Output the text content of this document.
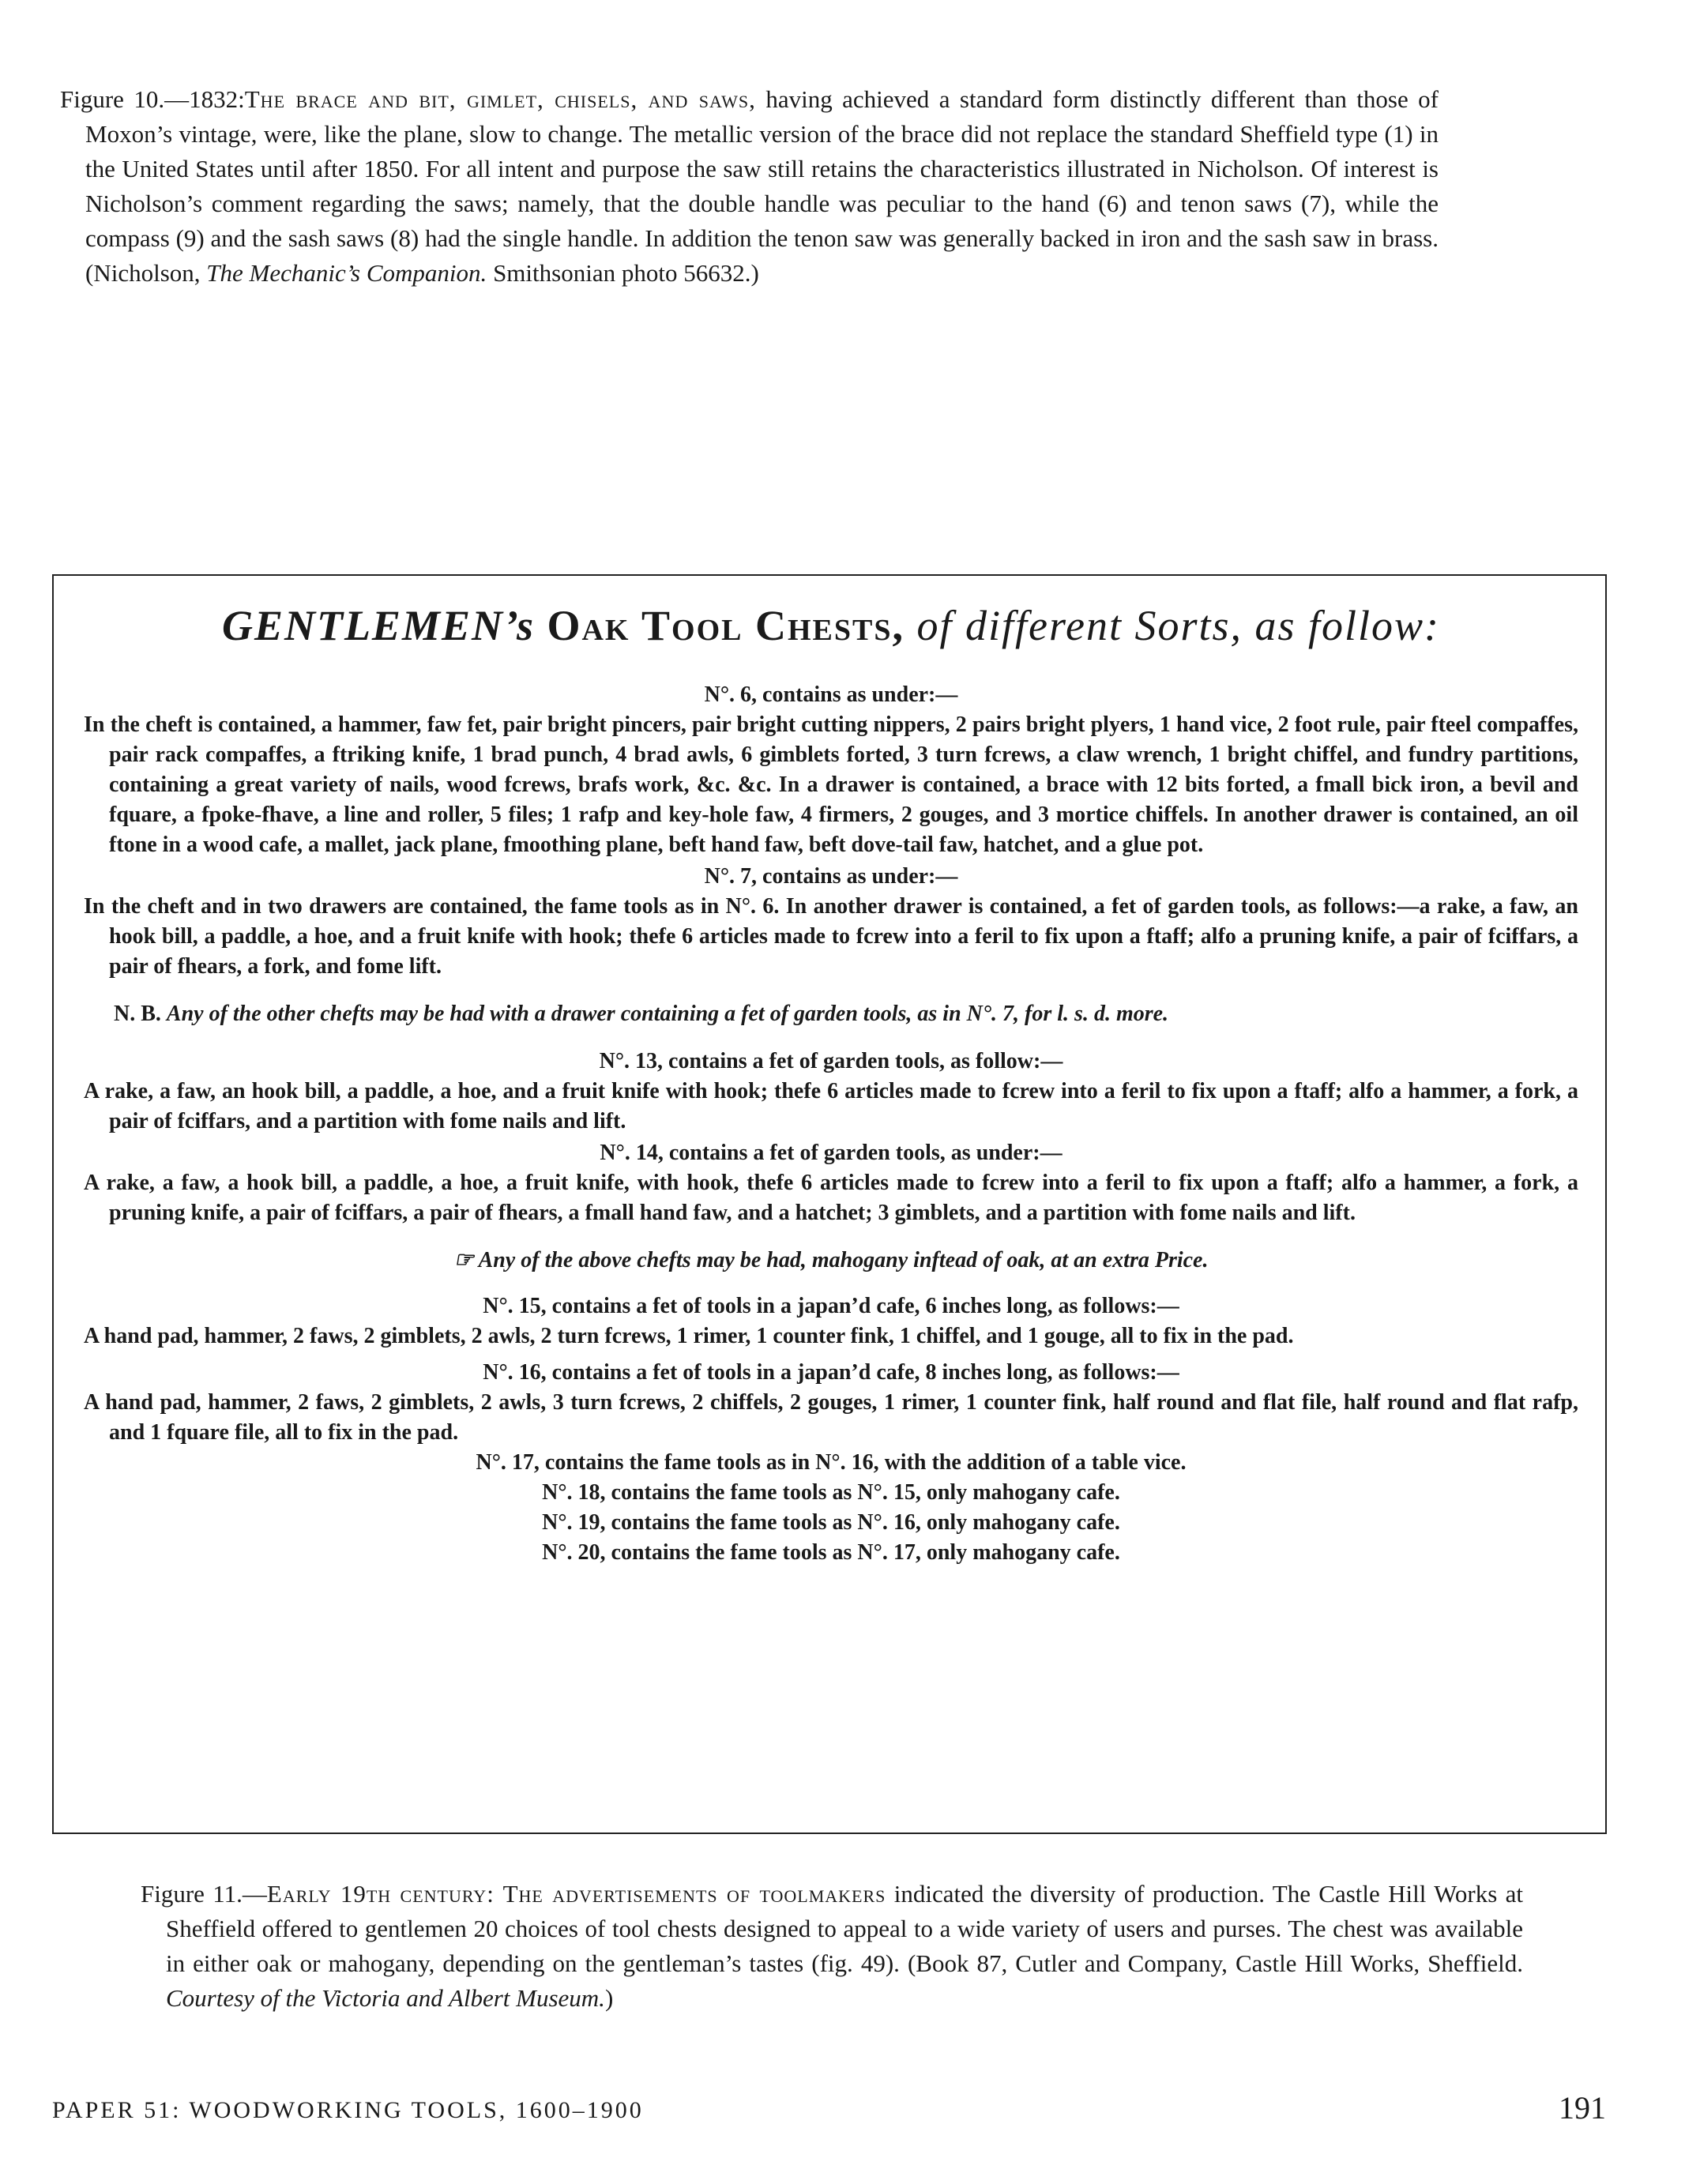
Figure 10.—1832:The brace and bit, gimlet, chisels, and saws, having achieved a standard form distinctly different than those of Moxon’s vintage, were, like the plane, slow to change. The metallic version of the brace did not replace the standard Sheffield type (1) in the United States until after 1850. For all intent and purpose the saw still retains the characteristics illustrated in Nicholson. Of interest is Nicholson’s comment regarding the saws; namely, that the double handle was peculiar to the hand (6) and tenon saws (7), while the compass (9) and the sash saws (8) had the single handle. In addition the tenon saw was generally backed in iron and the sash saw in brass. (Nicholson, The Mechanic’s Companion. Smithsonian photo 56632.)
GENTLEMEN’s Oak Tool Chests, of different Sorts, as follow:
N°. 6, contains as under:—
In the cheft is contained, a hammer, faw fet, pair bright pincers, pair bright cutting nippers, 2 pairs bright plyers, 1 hand vice, 2 foot rule, pair fteel compaffes, pair rack compaffes, a ftriking knife, 1 brad punch, 4 brad awls, 6 gimblets forted, 3 turn fcrews, a claw wrench, 1 bright chiffel, and fundry partitions, containing a great variety of nails, wood fcrews, brafs work, &c. &c. In a drawer is contained, a brace with 12 bits forted, a fmall bick iron, a bevil and fquare, a fpoke-fhave, a line and roller, 5 files; 1 rafp and key-hole faw, 4 firmers, 2 gouges, and 3 mortice chiffels. In another drawer is contained, an oil ftone in a wood cafe, a mallet, jack plane, fmoothing plane, beft hand faw, beft dove-tail faw, hatchet, and a glue pot.
N°. 7, contains as under:—
In the cheft and in two drawers are contained, the fame tools as in N°. 6. In another drawer is contained, a fet of garden tools, as follows:—a rake, a faw, an hook bill, a paddle, a hoe, and a fruit knife with hook; thefe 6 articles made to fcrew into a feril to fix upon a ftaff; alfo a pruning knife, a pair of fciffars, a pair of fhears, a fork, and fome lift.
N. B. Any of the other chefts may be had with a drawer containing a fet of garden tools, as in N°. 7, for l. s. d. more.
N°. 13, contains a fet of garden tools, as follow:—
A rake, a faw, an hook bill, a paddle, a hoe, and a fruit knife with hook; thefe 6 articles made to fcrew into a feril to fix upon a ftaff; alfo a hammer, a fork, a pair of fciffars, and a partition with fome nails and lift.
N°. 14, contains a fet of garden tools, as under:—
A rake, a faw, a hook bill, a paddle, a hoe, a fruit knife, with hook, thefe 6 articles made to fcrew into a feril to fix upon a ftaff; alfo a hammer, a fork, a pruning knife, a pair of fciffars, a pair of fhears, a fmall hand faw, and a hatchet; 3 gimblets, and a partition with fome nails and lift.
☞ Any of the above chefts may be had, mahogany inftead of oak, at an extra Price.
N°. 15, contains a fet of tools in a japan’d cafe, 6 inches long, as follows:—
A hand pad, hammer, 2 faws, 2 gimblets, 2 awls, 2 turn fcrews, 1 rimer, 1 counter fink, 1 chiffel, and 1 gouge, all to fix in the pad.
N°. 16, contains a fet of tools in a japan’d cafe, 8 inches long, as follows:—
A hand pad, hammer, 2 faws, 2 gimblets, 2 awls, 3 turn fcrews, 2 chiffels, 2 gouges, 1 rimer, 1 counter fink, half round and flat file, half round and flat rafp, and 1 fquare file, all to fix in the pad.
N°. 17, contains the fame tools as in N°. 16, with the addition of a table vice.
N°. 18, contains the fame tools as N°. 15, only mahogany cafe.
N°. 19, contains the fame tools as N°. 16, only mahogany cafe.
N°. 20, contains the fame tools as N°. 17, only mahogany cafe.
Figure 11.—Early 19th century: The advertisements of toolmakers indicated the diversity of production. The Castle Hill Works at Sheffield offered to gentlemen 20 choices of tool chests designed to appeal to a wide variety of users and purses. The chest was available in either oak or mahogany, depending on the gentleman’s tastes (fig. 49). (Book 87, Cutler and Company, Castle Hill Works, Sheffield. Courtesy of the Victoria and Albert Museum.)
PAPER 51: WOODWORKING TOOLS, 1600–1900	191
